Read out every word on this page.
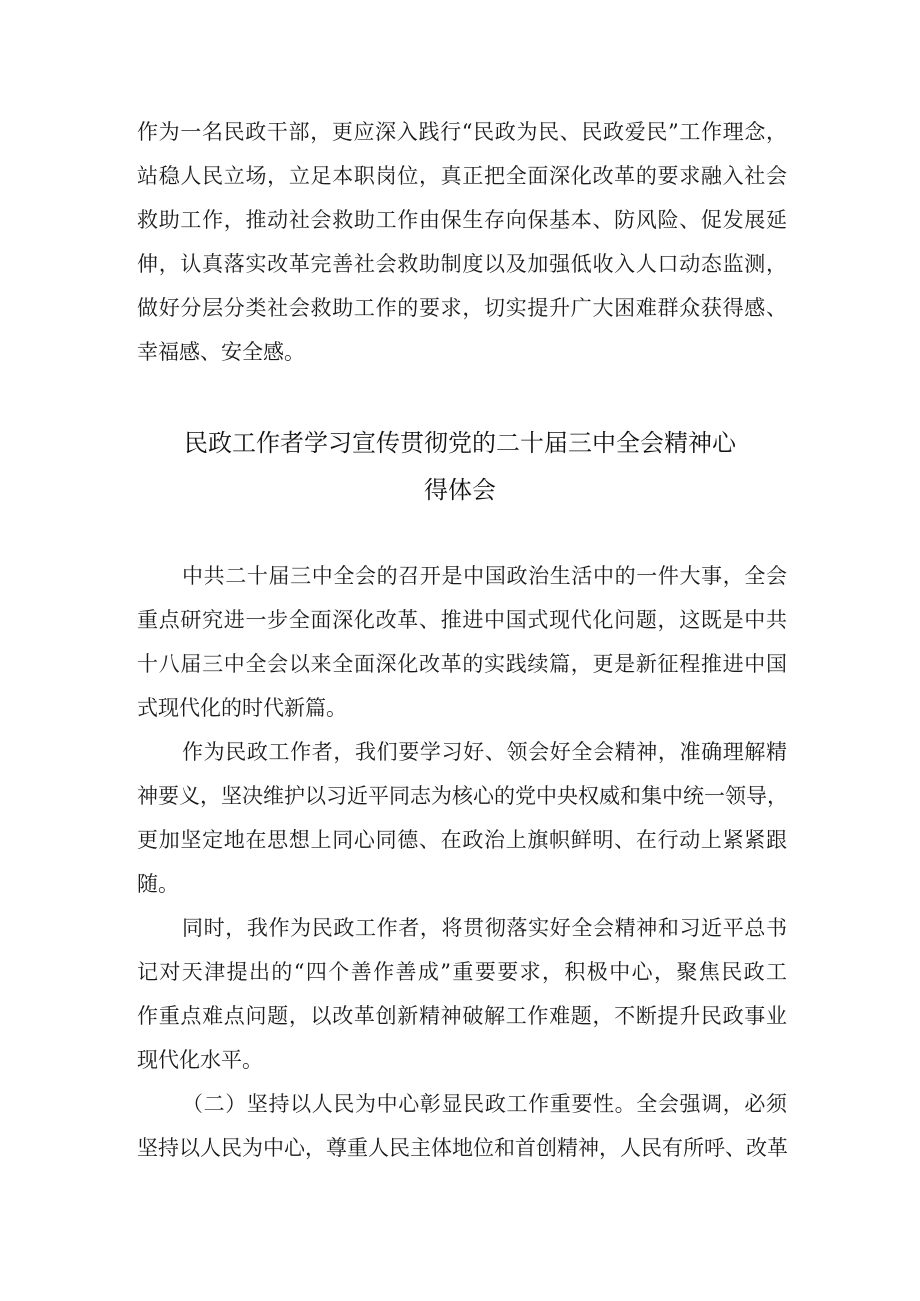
作为一名民政干部，更应深入践行“民政为民、民政爱民”工作理念，
站稳人民立场，立足本职岗位，真正把全面深化改革的要求融入社会
救助工作，推动社会救助工作由保生存向保基本、防风险、促发展延
伸，认真落实改革完善社会救助制度以及加强低收入人口动态监测，
做好分层分类社会救助工作的要求，切实提升广大困难群众获得感、
幸福感、安全感。
民政工作者学习宣传贯彻党的二十届三中全会精神心
得体会
中共二十届三中全会的召开是中国政治生活中的一件大事，全会
重点研究进一步全面深化改革、推进中国式现代化问题，这既是中共
十八届三中全会以来全面深化改革的实践续篇，更是新征程推进中国
式现代化的时代新篇。
作为民政工作者，我们要学习好、领会好全会精神，准确理解精
神要义，坚决维护以习近平同志为核心的党中央权威和集中统一领导，
更加坚定地在思想上同心同德、在政治上旗帜鲜明、在行动上紧紧跟
随。
同时，我作为民政工作者，将贯彻落实好全会精神和习近平总书
记对天津提出的“四个善作善成”重要要求，积极中心，聚焦民政工
作重点难点问题，以改革创新精神破解工作难题，不断提升民政事业
现代化水平。
（二）坚持以人民为中心彰显民政工作重要性。全会强调，必须
坚持以人民为中心，尊重人民主体地位和首创精神，人民有所呼、改革
